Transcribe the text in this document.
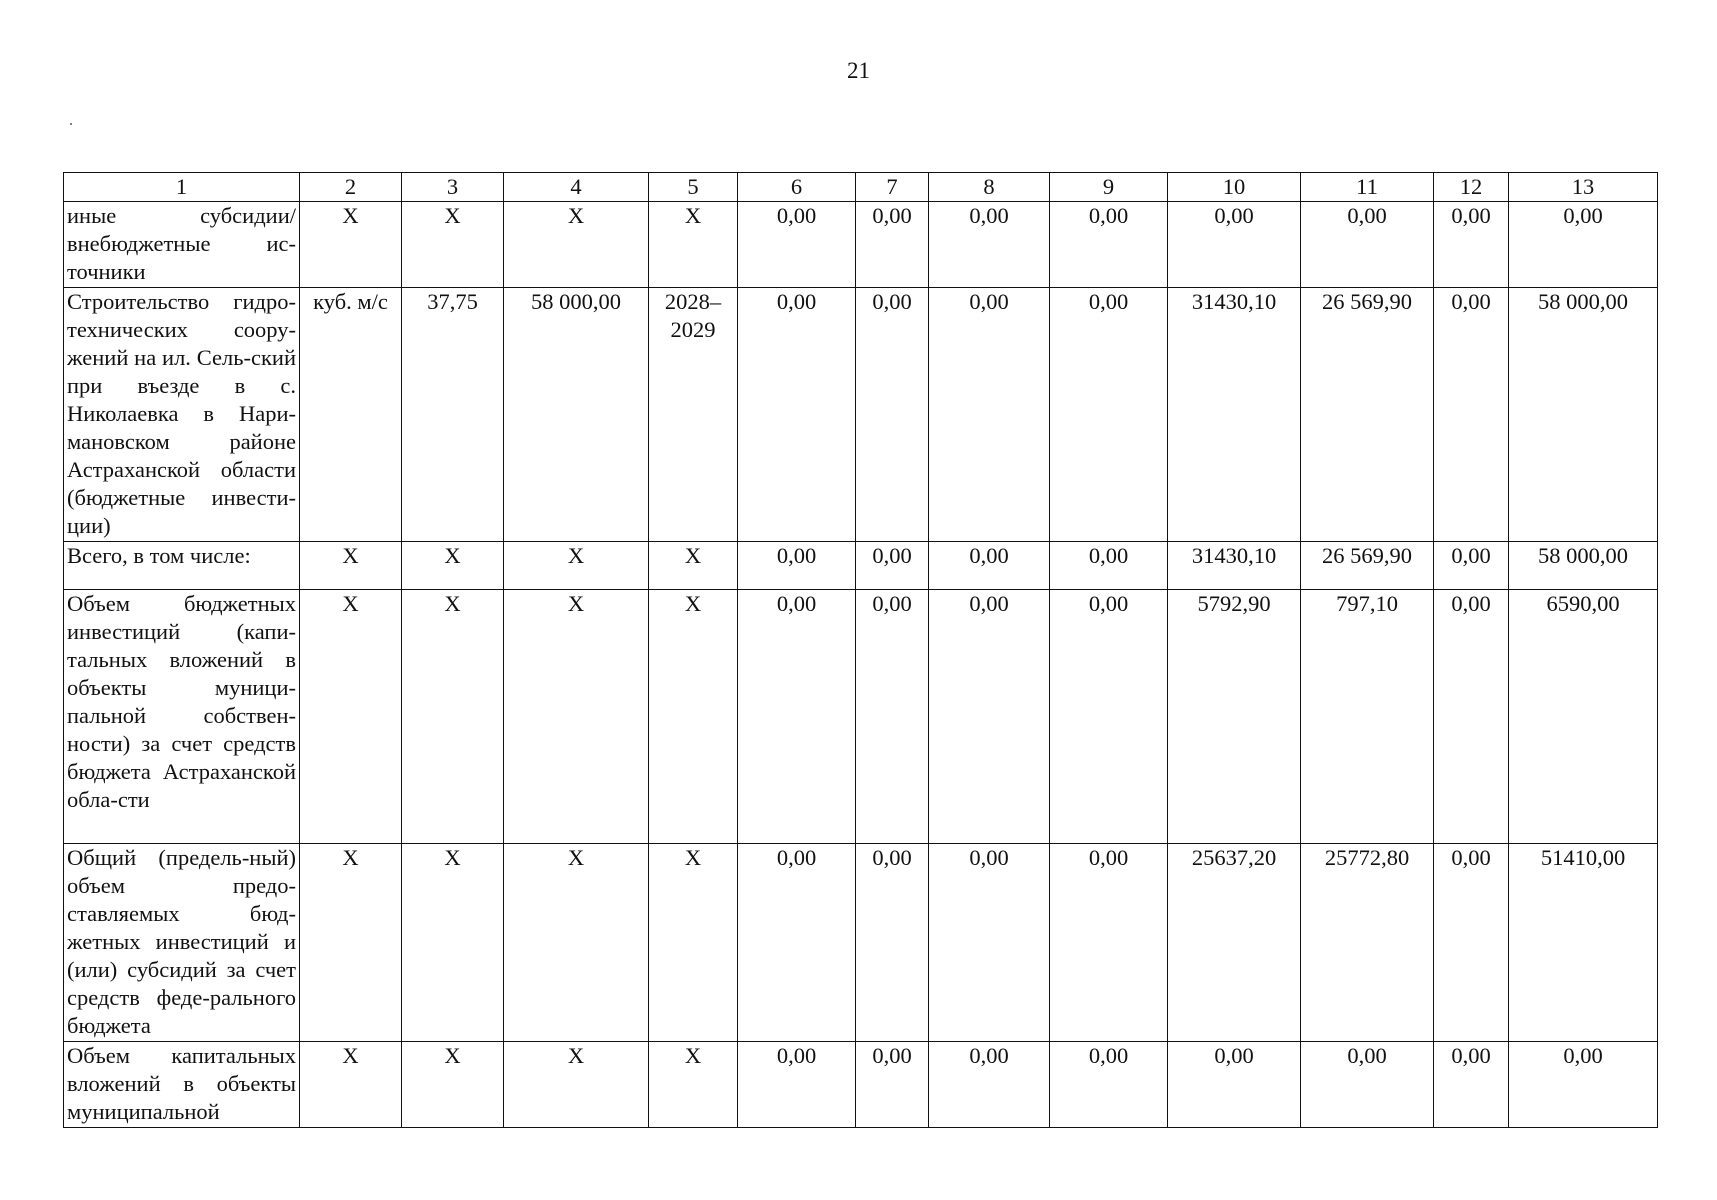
21
1	2	3	4	5	6	7	8	9	10	11	12	13
иные субсидии/ внебюджетные ис-точники	X	X	X	X	0,00	0,00	0,00	0,00	0,00	0,00	0,00	0,00
Строительство гидро-технических соору-жений на ил. Сель-ский при въезде в с. Николаевка в Нари-мановском районе Астраханской области (бюджетные инвести-ции)	куб. м/с	37,75	58 000,00	2028–2029	0,00	0,00	0,00	0,00	31430,10	26 569,90	0,00	58 000,00
Всего, в том числе:	X	X	X	X	0,00	0,00	0,00	0,00	31430,10	26 569,90	0,00	58 000,00
Объем бюджетных инвестиций (капи-тальных вложений в объекты муници-пальной собствен-ности) за счет средств бюджета Астраханской обла-сти	X	X	X	X	0,00	0,00	0,00	0,00	5792,90	797,10	0,00	6590,00
Общий (предель-ный) объем предо-ставляемых бюд-жетных инвестиций и (или) субсидий за счет средств феде-рального бюджета	X	X	X	X	0,00	0,00	0,00	0,00	25637,20	25772,80	0,00	51410,00
Объем капитальных вложений в объекты муниципальной	X	X	X	X	0,00	0,00	0,00	0,00	0,00	0,00	0,00	0,00
